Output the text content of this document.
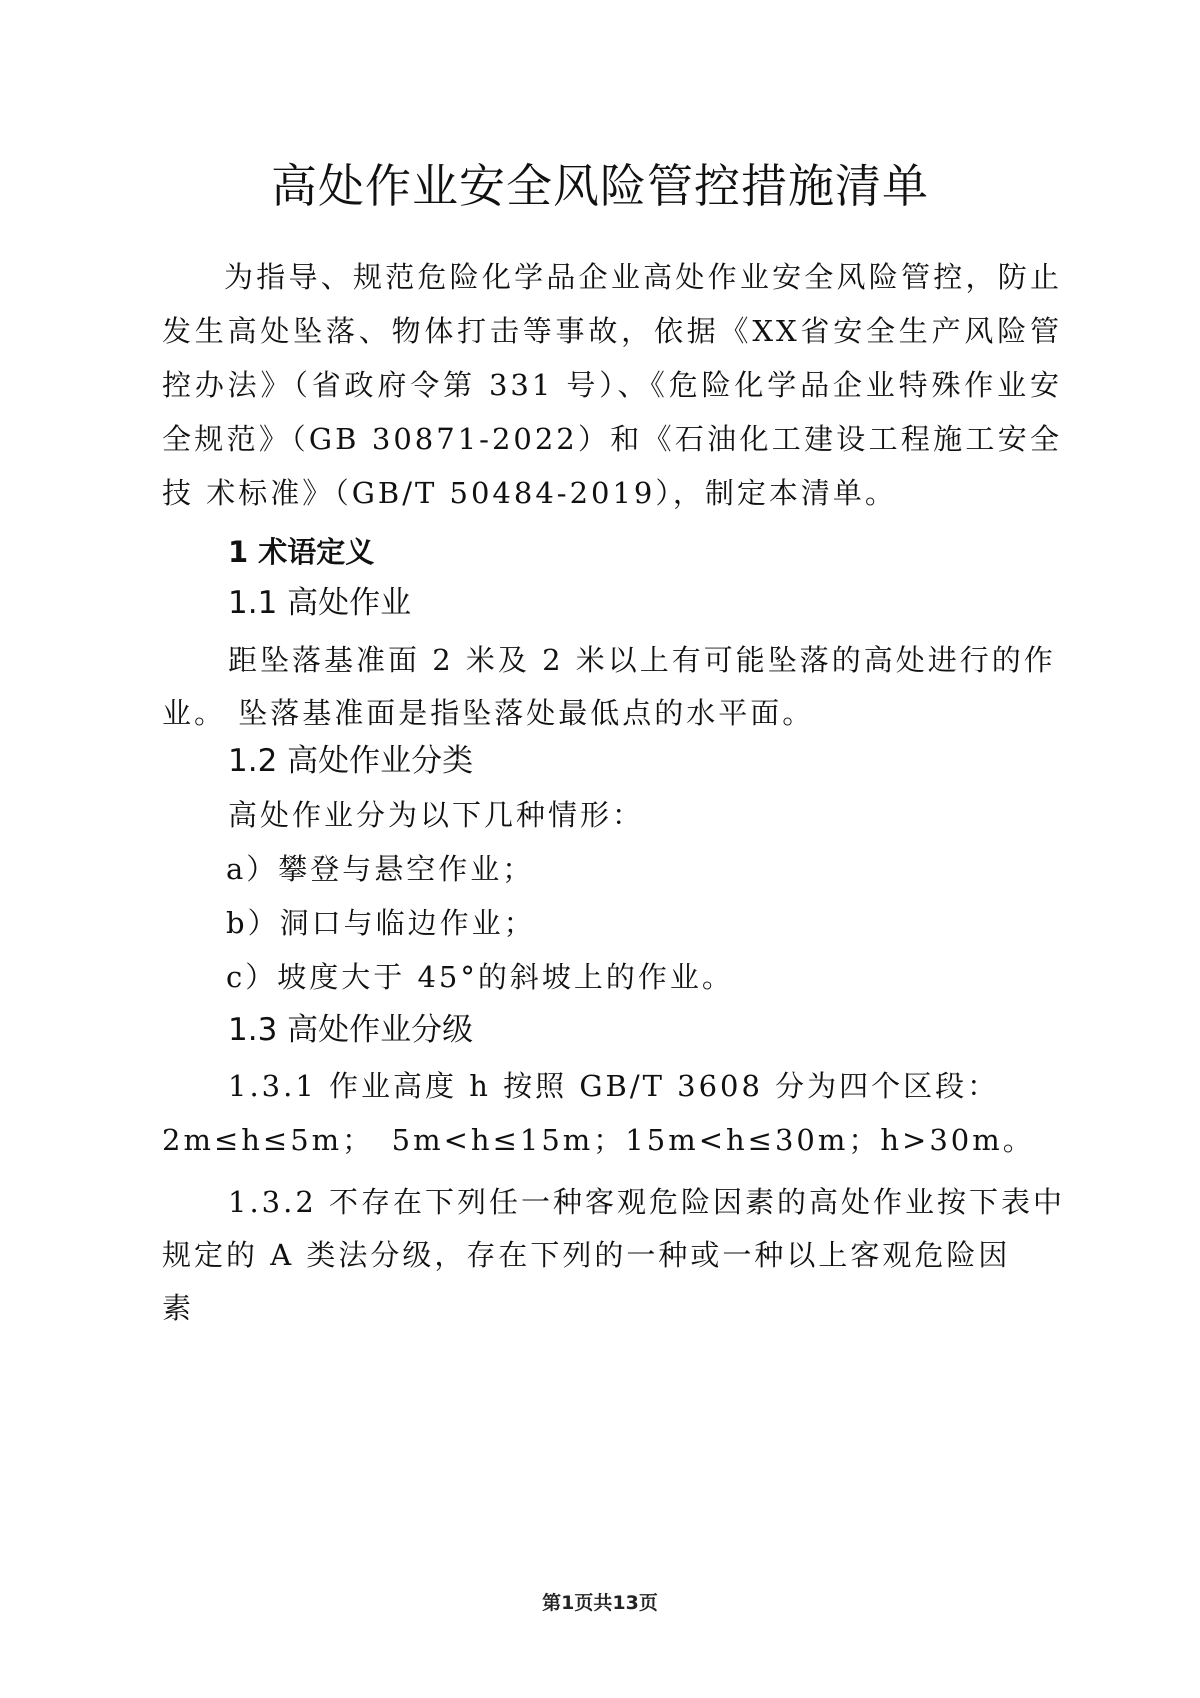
高处作业安全风险管控措施清单

为指导、规范危险化学品企业高处作业安全风险管控，防止发生高处坠落、物体打击等事故，依据《XX省安全生产风险管控办法》（省政府令第 331 号）、《危险化学品企业特殊作业安 全规范》（GB 30871-2022）和《石油化工建设工程施工安全技 术标准》（GB/T 50484-2019），制定本清单。

1 术语定义
1.1 高处作业
距坠落基准面 2 米及 2 米以上有可能坠落的高处进行的作
业。 坠落基准面是指坠落处最低点的水平面。
1.2 高处作业分类
高处作业分为以下几种情形：
a）攀登与悬空作业；
b）洞口与临边作业；
c）坡度大于 45°的斜坡上的作业。
1.3 高处作业分级
1.3.1 作业高度 h 按照 GB/T 3608 分为四个区段：
2m≤h≤5m；　5m<h≤15m；15m<h≤30m；h>30m。
1.3.2 不存在下列任一种客观危险因素的高处作业按下表中
规定的 A 类法分级，存在下列的一种或一种以上客观危险因
素
第1页共13页
